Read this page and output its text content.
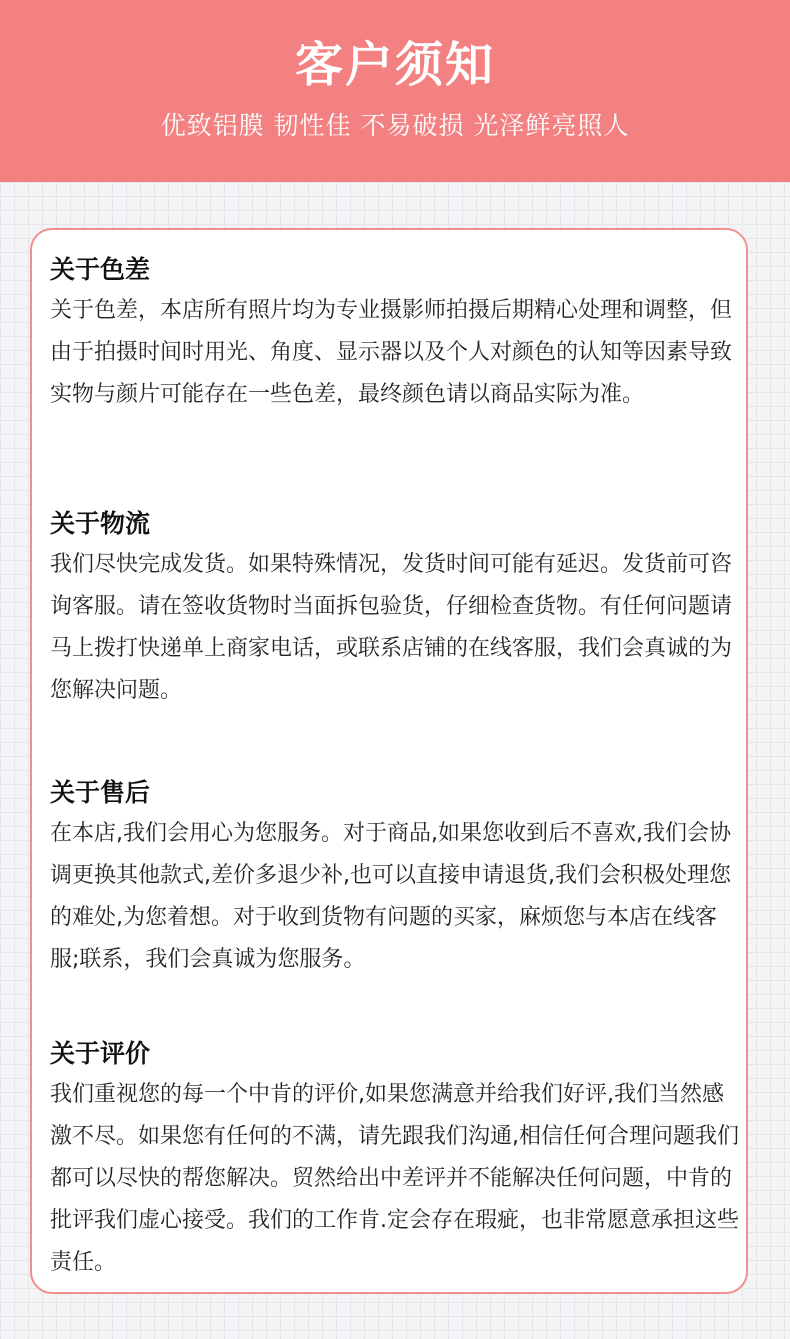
客户须知
优致铝膜 韧性佳 不易破损 光泽鲜亮照人
关于色差

关于色差，本店所有照片均为专业摄影师拍摄后期精心处理和调整，但由于拍摄时间时用光、角度、显示器以及个人对颜色的认知等因素导致实物与颜片可能存在一些色差，最终颜色请以商品实际为准。

关于物流

我们尽快完成发货。如果特殊情况，发货时间可能有延迟。发货前可咨询客服。请在签收货物时当面拆包验货，仔细检查货物。有任何问题请马上拨打快递单上商家电话，或联系店铺的在线客服，我们会真诚的为您解决问题。

关于售后

在本店,我们会用心为您服务。对于商品,如果您收到后不喜欢,我们会协调更换其他款式,差价多退少补,也可以直接申请退货,我们会积极处理您的难处,为您着想。对于收到货物有问题的买家，麻烦您与本店在线客服;联系，我们会真诚为您服务。

关于评价

我们重视您的每一个中肯的评价,如果您满意并给我们好评,我们当然感激不尽。如果您有任何的不满，请先跟我们沟通,相信任何合理问题我们都可以尽快的帮您解决。贸然给出中差评并不能解决任何问题，中肯的批评我们虚心接受。我们的工作肯.定会存在瑕疵，也非常愿意承担这些责任。
